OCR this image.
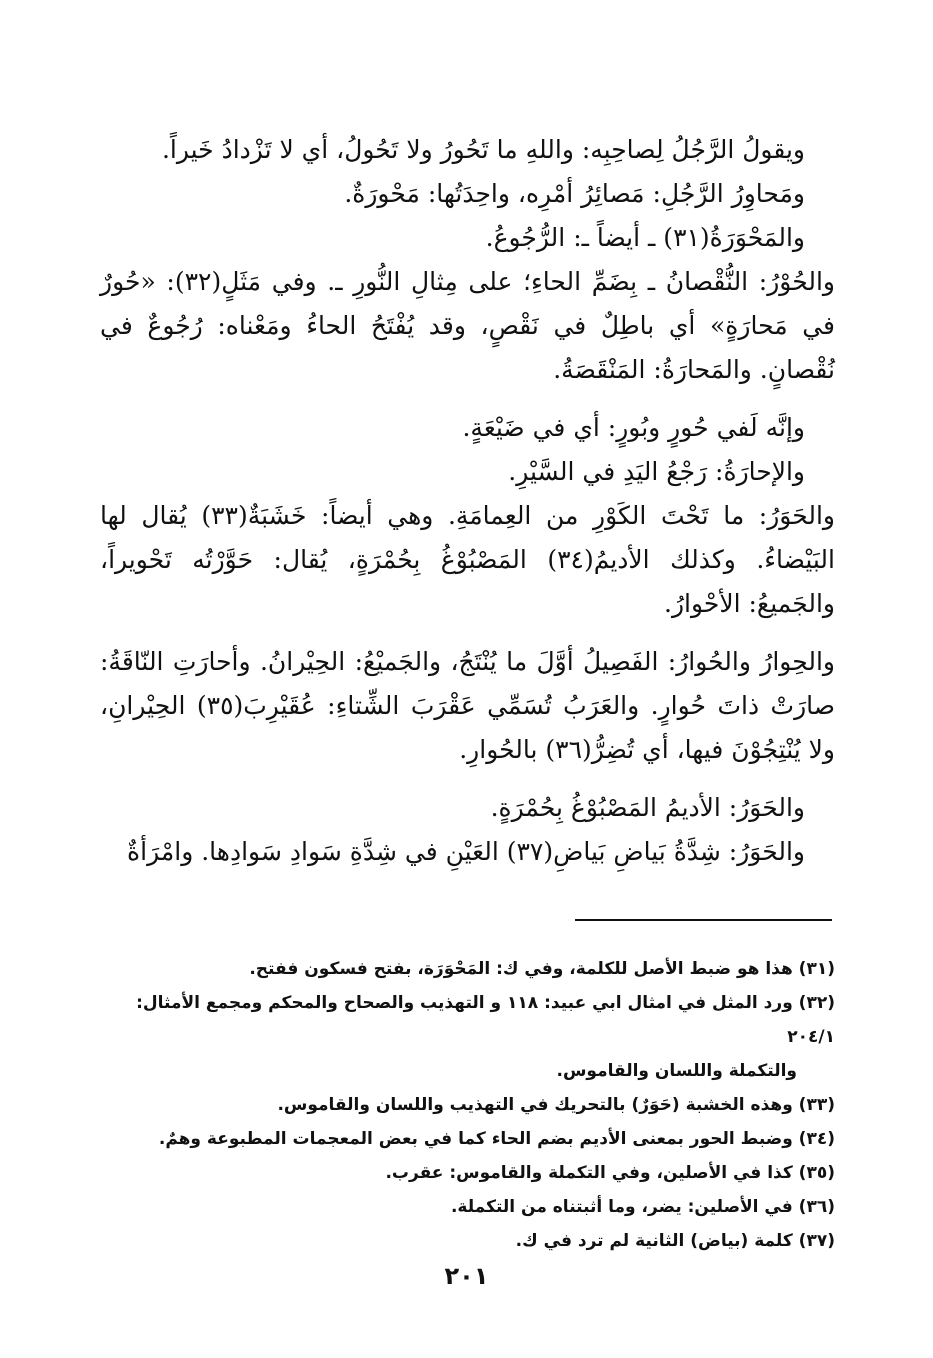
ويقولُ الرَّجُلُ لِصاحِبِه: واللهِ ما تَحُورُ ولا تَحُولُ، أي لا تَزْدادُ خَيراً.

ومَحاوِرُ الرَّجُلِ: مَصائِرُ أمْرِه، واحِدَتُها: مَحْورَةٌ.

والمَحْوَرَةُ(٣١) ـ أيضاً ـ: الرُّجُوعُ.

والحُوْرُ: النُّقْصانُ ـ بِضَمِّ الحاءِ؛ على مِثالِ النُّورِ ـ. وفي مَثَلٍ(٣٢): «حُورٌ في مَحارَةٍ» أي باطِلٌ في نَقْصٍ، وقد يُفْتَحُ الحاءُ ومَعْناه: رُجُوعٌ في نُقْصانٍ. والمَحارَةُ: المَنْقَصَةُ.

وإنَّه لَفي حُورٍ وبُورٍ: أي في ضَيْعَةٍ.

والإحارَةُ: رَجْعُ اليَدِ في السَّيْرِ.

والحَوَرُ: ما تَحْتَ الكَوْرِ من العِمامَةِ. وهي أيضاً: خَشَبَةٌ(٣٣) يُقال لها البَيْضاءُ. وكذلك الأديمُ(٣٤) المَصْبُوْغُ بِحُمْرَةٍ، يُقال: حَوَّرْتُه تَحْويراً، والجَميعُ: الأحْوارُ.

والحِوارُ والحُوارُ: الفَصِيلُ أوَّلَ ما يُنْتَجُ، والجَميْعُ: الحِيْرانُ. وأحارَتِ النّاقَةُ: صارَتْ ذاتَ حُوارٍ. والعَرَبُ تُسَمِّي عَقْرَبَ الشِّتاءِ: عُقَيْرِبَ(٣٥) الحِيْرانِ، ولا يُنْتِجُوْنَ فيها، أي تُضِرُّ(٣٦) بالحُوارِ.

والحَوَرُ: الأديمُ المَصْبُوْغُ بِحُمْرَةٍ.

والحَوَرُ: شِدَّةُ بَياضِ بَياضِ(٣٧) العَيْنِ في شِدَّةِ سَوادِ سَوادِها. وامْرَأةٌ

(٣١) هذا هو ضبط الأصل للكلمة، وفي ك: المَحْوَرَة، بفتح فسكون ففتح.

(٣٢) ورد المثل في امثال ابي عبيد: ١١٨ و التهذيب والصحاح والمحكم ومجمع الأمثال: ٢٠٤/١

والتكملة واللسان والقاموس.

(٣٣) وهذه الخشبة (حَوَرٌ) بالتحريك في التهذيب واللسان والقاموس.

(٣٤) وضبط الحور بمعنى الأديم بضم الحاء كما في بعض المعجمات المطبوعة وهمٌ.

(٣٥) كذا في الأصلين، وفي التكملة والقاموس: عقرب.

(٣٦) في الأصلين: يضر، وما أثبتناه من التكملة.

(٣٧) كلمة (بياض) الثانية لم ترد في ك.

٢٠١
